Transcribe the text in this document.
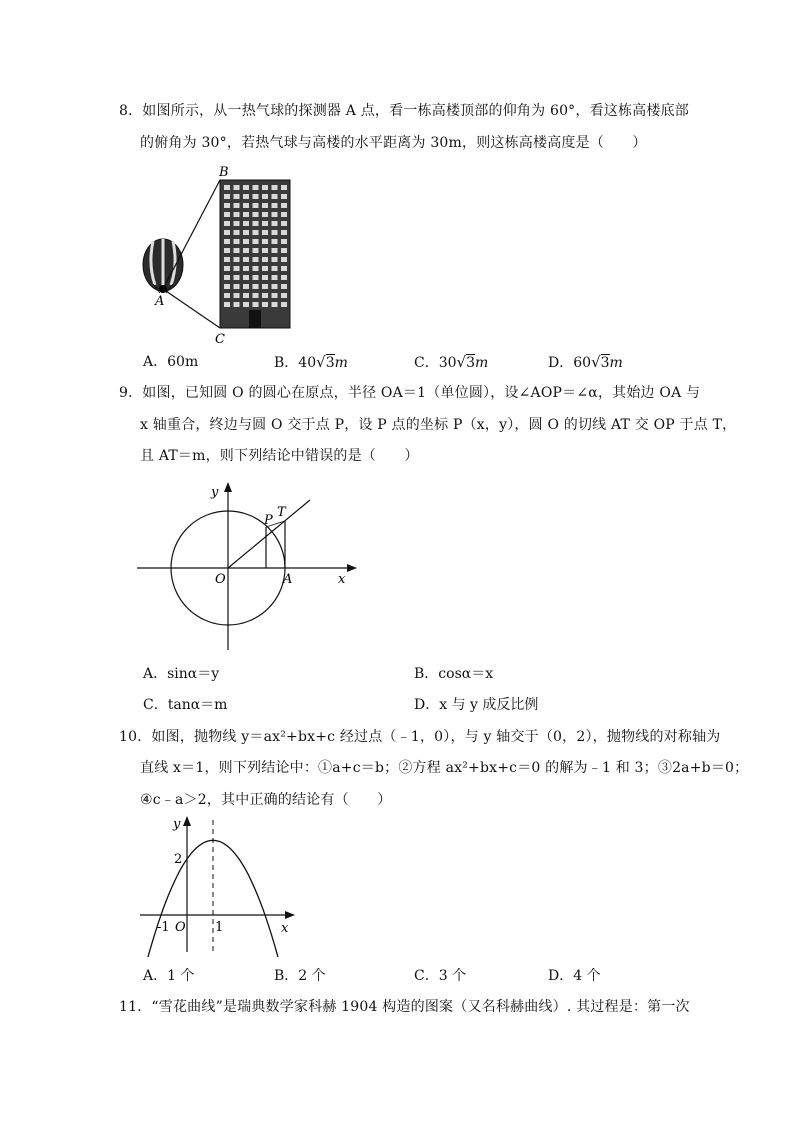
8．如图所示，从一热气球的探测器 A 点，看一栋高楼顶部的仰角为 60°，看这栋高楼底部
的俯角为 30°，若热气球与高楼的水平距离为 30m，则这栋高楼高度是（　　）
B
A
C
A．60m	B．40√3m	C．30√3m	D．60√3m
9．如图，已知圆 O 的圆心在原点，半径 OA＝1（单位圆），设∠AOP＝∠α，其始边 OA 与
x 轴重合，终边与圆 O 交于点 P，设 P 点的坐标 P（x，y），圆 O 的切线 AT 交 OP 于点 T，
且 AT＝m，则下列结论中错误的是（　　）
y
x
O	A
P
T
A．sinα＝y	B．cosα＝x
C．tanα＝m	D．x 与 y 成反比例
10．如图，抛物线 y＝ax²+bx+c 经过点（﹣1，0），与 y 轴交于（0，2），抛物线的对称轴为
直线 x＝1，则下列结论中：①a+c＝b；②方程 ax²+bx+c＝0 的解为﹣1 和 3；③2a+b＝0；
④c﹣a＞2，其中正确的结论有（　　）
y
x
2
-1 O 1
A．1 个	B．2 个	C．3 个	D．4 个
11．“雪花曲线”是瑞典数学家科赫 1904 构造的图案（又名科赫曲线）. 其过程是：第一次
